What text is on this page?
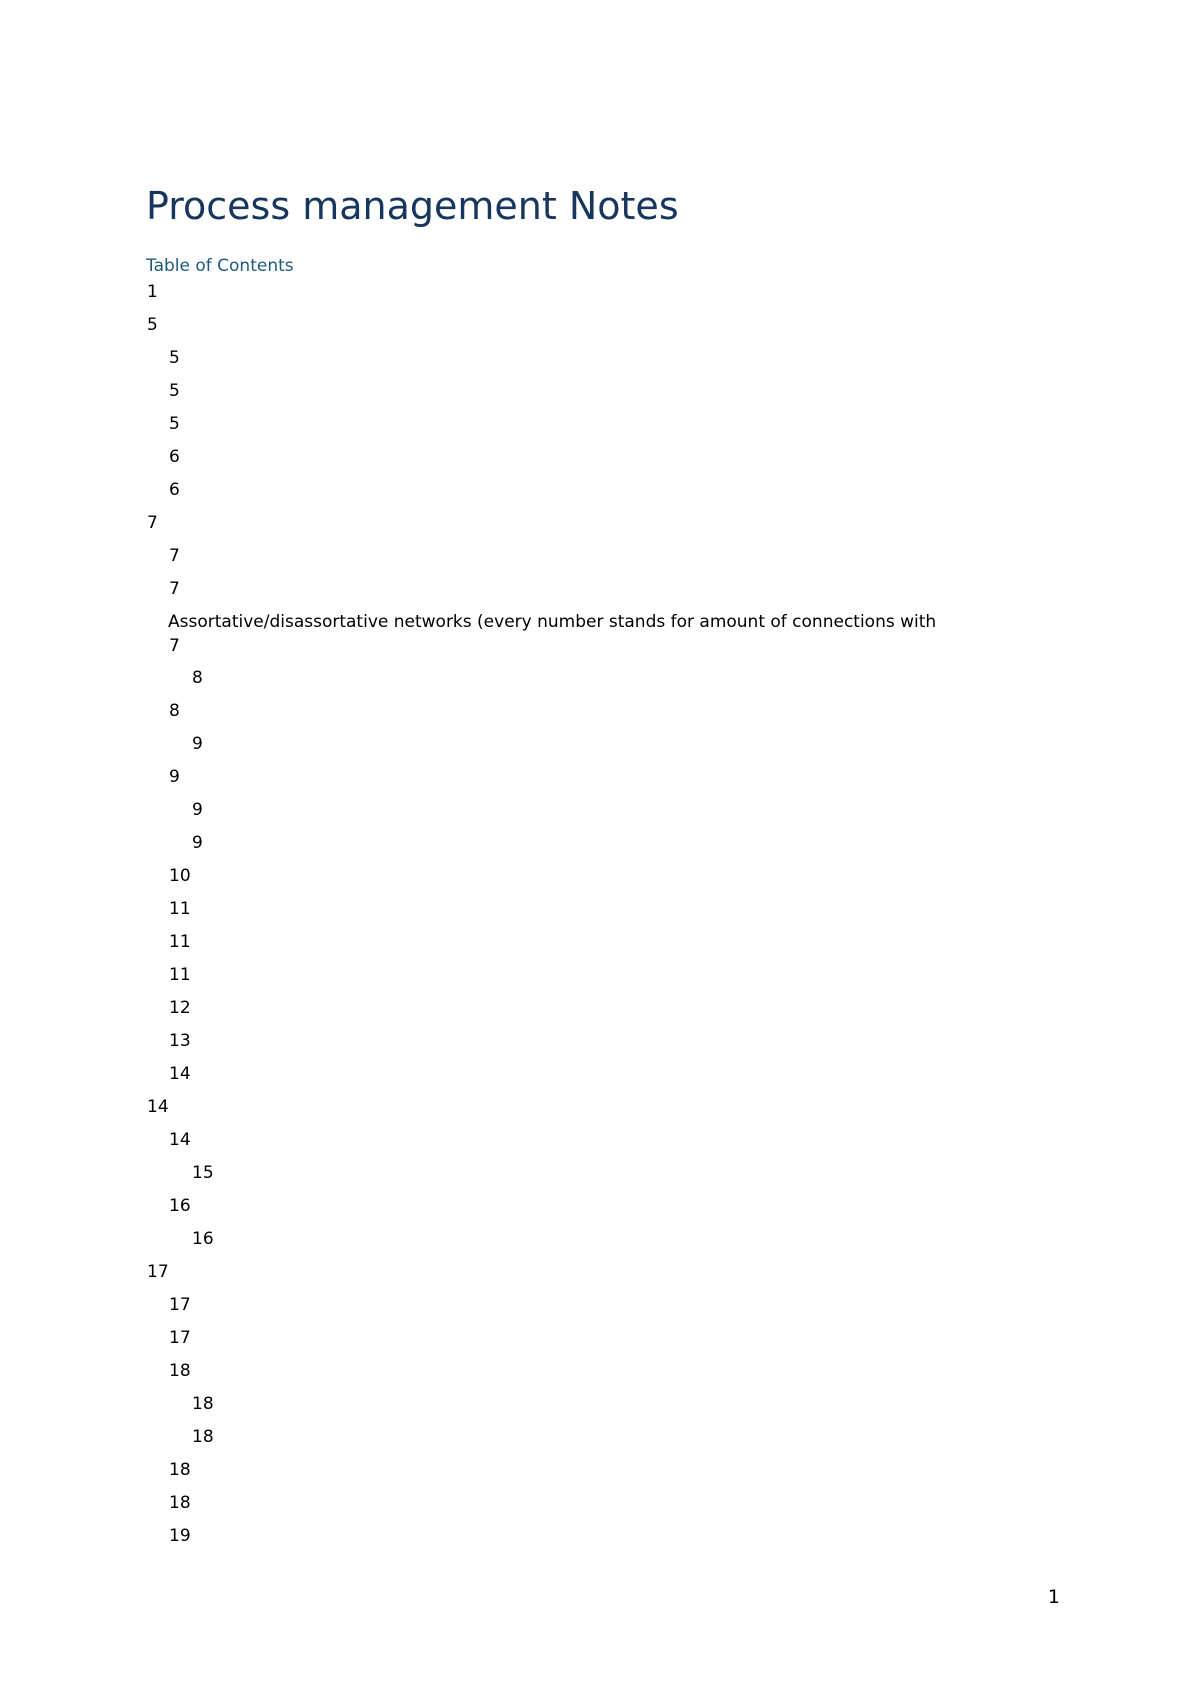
Process management Notes
Table of Contents
1
5
5
5
5
6
6
7
7
7
Assortative/disassortative networks (every number stands for amount of connections with
7
8
8
9
9
9
9
10
11
11
11
12
13
14
14
14
15
16
16
17
17
17
18
18
18
18
18
19
1
